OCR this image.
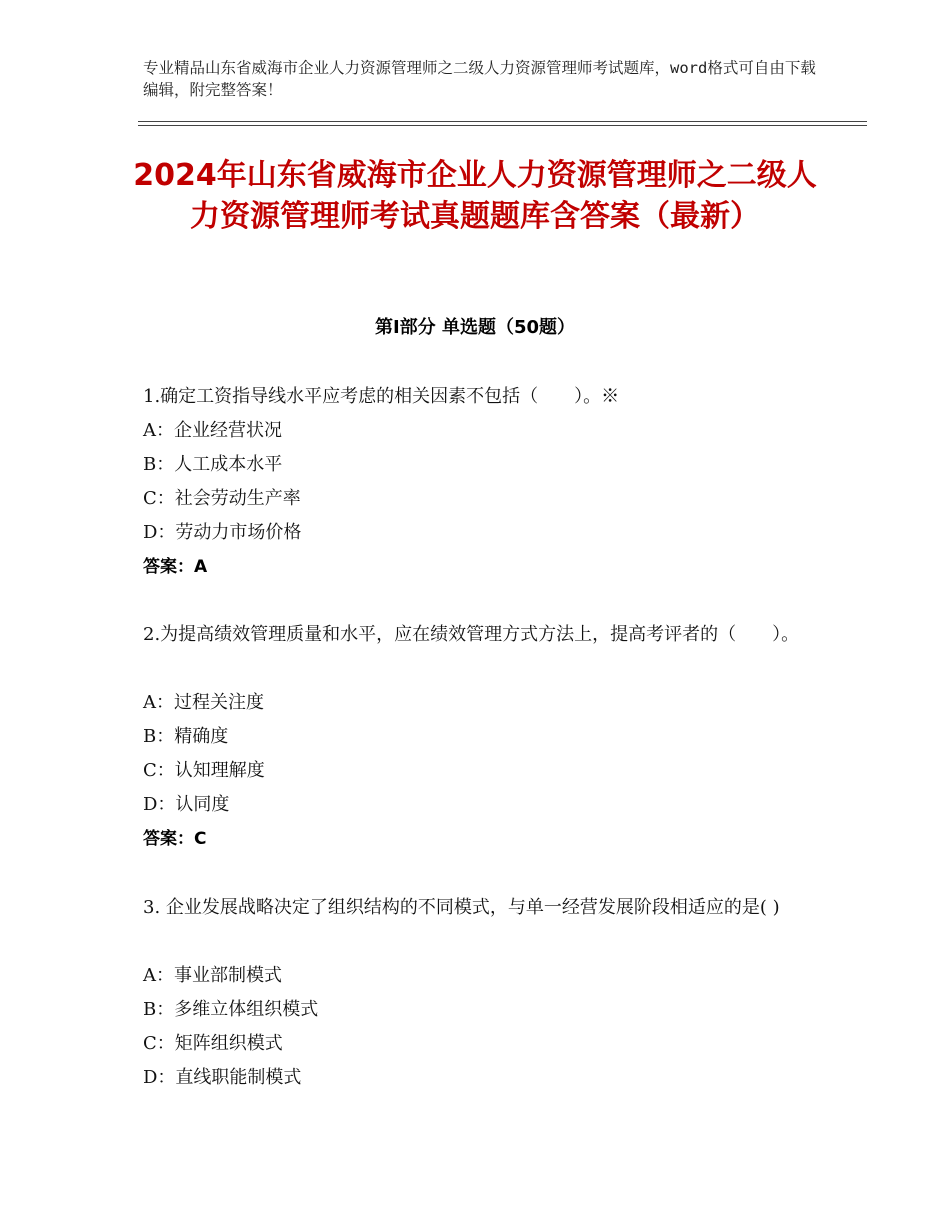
专业精品山东省威海市企业人力资源管理师之二级人力资源管理师考试题库，word格式可自由下载编辑，附完整答案！
2024年山东省威海市企业人力资源管理师之二级人力资源管理师考试真题题库含答案（最新）
第Ⅰ部分 单选题（50题）

1.确定工资指导线水平应考虑的相关因素不包括（　　）。※

A：企业经营状况

B：人工成本水平

C：社会劳动生产率

D：劳动力市场价格

答案：A

2.为提高绩效管理质量和水平，应在绩效管理方式方法上，提高考评者的（　　）。

A：过程关注度

B：精确度

C：认知理解度

D：认同度

答案：C

3. 企业发展战略决定了组织结构的不同模式，与单一经营发展阶段相适应的是( )

A：事业部制模式

B：多维立体组织模式

C：矩阵组织模式

D：直线职能制模式
